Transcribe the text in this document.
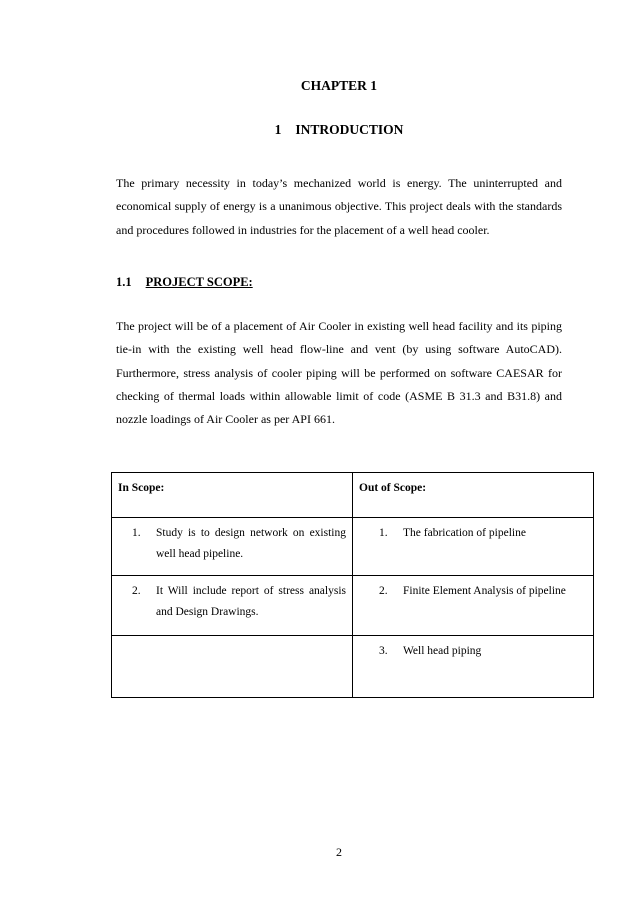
CHAPTER 1
1 INTRODUCTION

The primary necessity in today’s mechanized world is energy. The uninterrupted and economical supply of energy is a unanimous objective. This project deals with the standards and procedures followed in industries for the placement of a well head cooler.

1.1 PROJECT SCOPE:

The project will be of a placement of Air Cooler in existing well head facility and its piping tie-in with the existing well head flow-line and vent (by using software AutoCAD). Furthermore, stress analysis of cooler piping will be performed on software CAESAR for checking of thermal loads within allowable limit of code (ASME B 31.3 and B31.8) and nozzle loadings of Air Cooler as per API 661.

In Scope:	Out of Scope:

1. Study is to design network on existing well head pipeline.	1. The fabrication of pipeline

2. It Will include report of stress analysis and Design Drawings.	2. Finite Element Analysis of pipeline

	3. Well head piping
2
